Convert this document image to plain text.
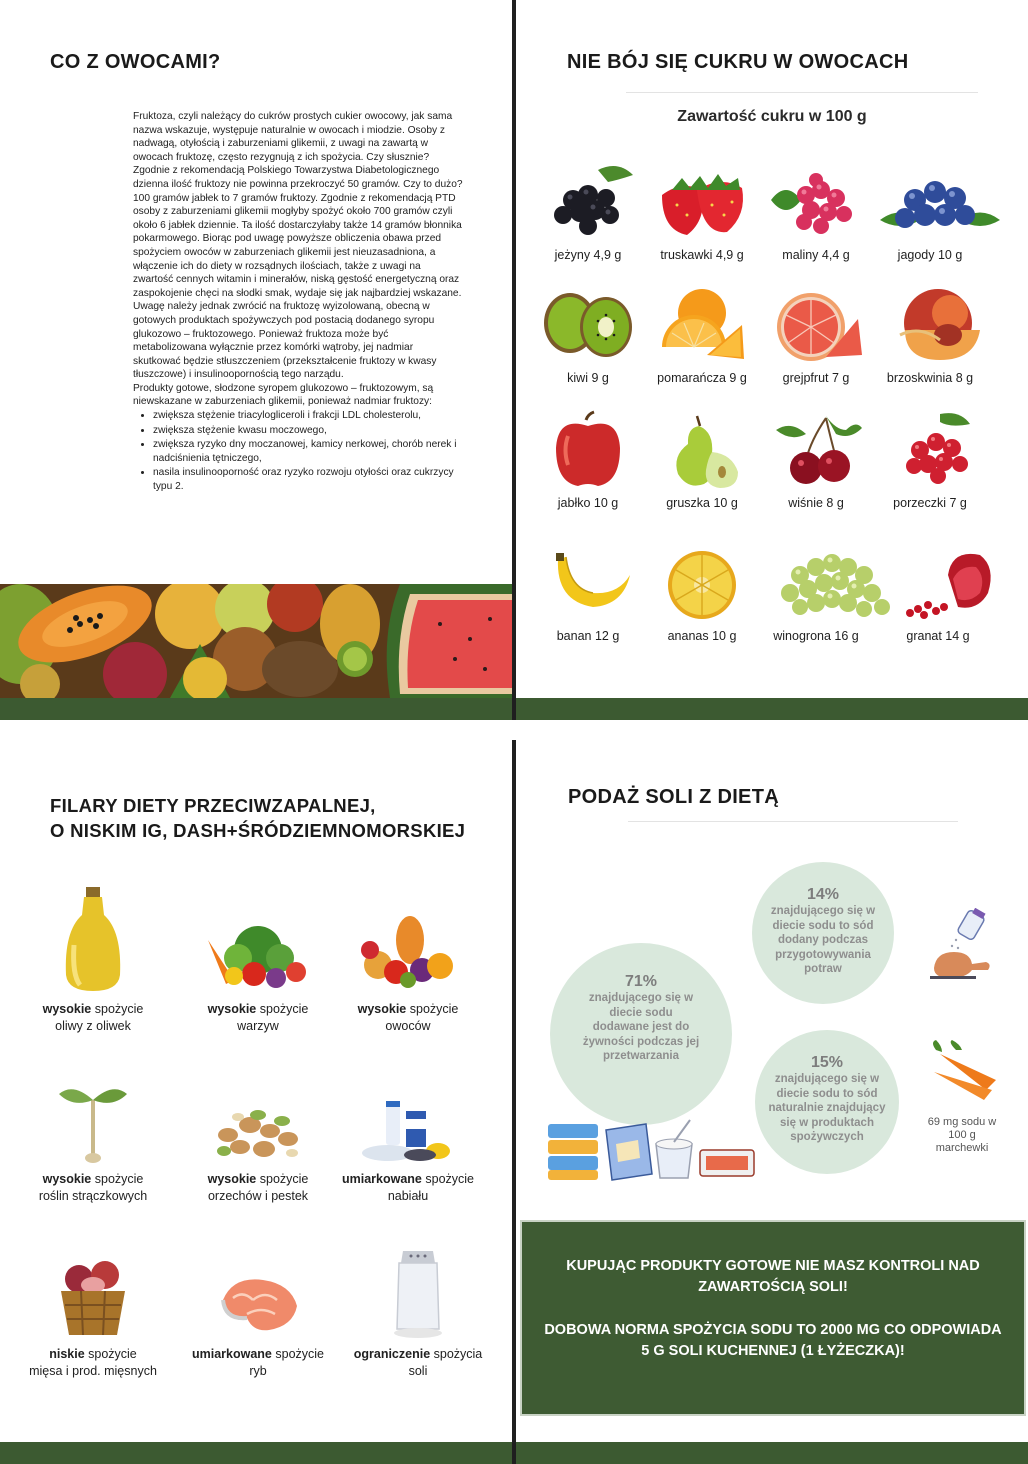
CO Z OWOCAMI?

Fruktoza, czyli należący do cukrów prostych cukier owocowy, jak sama nazwa wskazuje, występuje naturalnie w owocach i miodzie. Osoby z nadwagą, otyłością i zaburzeniami glikemii, z uwagi na zawartą w owocach fruktozę, często rezygnują z ich spożycia. Czy słusznie?

Zgodnie z rekomendacją Polskiego Towarzystwa Diabetologicznego dzienna ilość fruktozy nie powinna przekroczyć 50 gramów. Czy to dużo?

100 gramów jabłek to 7 gramów fruktozy. Zgodnie z rekomendacją PTD osoby z zaburzeniami glikemii mogłyby spożyć około 700 gramów czyli około 6 jabłek dziennie. Ta ilość dostarczyłaby także 14 gramów błonnika pokarmowego. Biorąc pod uwagę powyższe obliczenia obawa przed spożyciem owoców w zaburzeniach glikemii jest nieuzasadniona, a włączenie ich do diety w rozsądnych ilościach, także z uwagi na zwartość cennych witamin i minerałów, niską gęstość energetyczną oraz zaspokojenie chęci na słodki smak, wydaje się jak najbardziej wskazane.

Uwagę należy jednak zwrócić na fruktozę wyizolowaną, obecną w gotowych produktach spożywczych pod postacią dodanego syropu glukozowo – fruktozowego. Ponieważ fruktoza może być metabolizowana wyłącznie przez komórki wątroby, jej nadmiar skutkować będzie stłuszczeniem (przekształcenie fruktozy w kwasy tłuszczowe) i insulinoopornością tego narządu.

Produkty gotowe, słodzone syropem glukozowo – fruktozowym, są niewskazane w zaburzeniach glikemii, ponieważ nadmiar fruktozy:

• zwiększa stężenie triacylogliceroli i frakcji LDL cholesterolu,
• zwiększa stężenie kwasu moczowego,
• zwiększa ryzyko dny moczanowej, kamicy nerkowej, chorób nerek i nadciśnienia tętniczego,
• nasila insulinooporność oraz ryzyko rozwoju otyłości oraz cukrzycy typu 2.
NIE BÓJ SIĘ CUKRU W OWOCACH
Zawartość cukru w 100 g
jeżyny 4,9 g	truskawki 4,9 g	maliny 4,4 g	jagody 10 g
kiwi 9 g	pomarańcza 9 g	grejpfrut 7 g	brzoskwinia 8 g
jabłko 10 g	gruszka 10 g	wiśnie 8 g	porzeczki 7 g
banan 12 g	ananas 10 g	winogrona 16 g	granat 14 g
FILARY DIETY PRZECIWZAPALNEJ,
O NISKIM IG, DASH+ŚRÓDZIEMNOMORSKIEJ
wysokie spożycie
oliwy z oliwek
wysokie spożycie
warzyw
wysokie spożycie
owoców
wysokie spożycie
roślin strączkowych
wysokie spożycie
orzechów i pestek
umiarkowane spożycie
nabiału
niskie spożycie
mięsa i prod. mięsnych
umiarkowane spożycie
ryb
ograniczenie spożycia
soli
PODAŻ SOLI Z DIETĄ
14%
znajdującego się w diecie sodu to sód dodany podczas przygotowywania potraw
71%
znajdującego się w diecie sodu dodawane jest do żywności podczas jej przetwarzania	15%
znajdującego się w diecie sodu to sód naturalnie znajdujący się w produktach spożywczych
69 mg sodu w 100 g marchewki

KUPUJĄC PRODUKTY GOTOWE NIE MASZ KONTROLI NAD ZAWARTOŚCIĄ SOLI!

DOBOWA NORMA SPOŻYCIA SODU TO 2000 MG CO ODPOWIADA 5 G SOLI KUCHENNEJ (1 ŁYŻECZKA)!
